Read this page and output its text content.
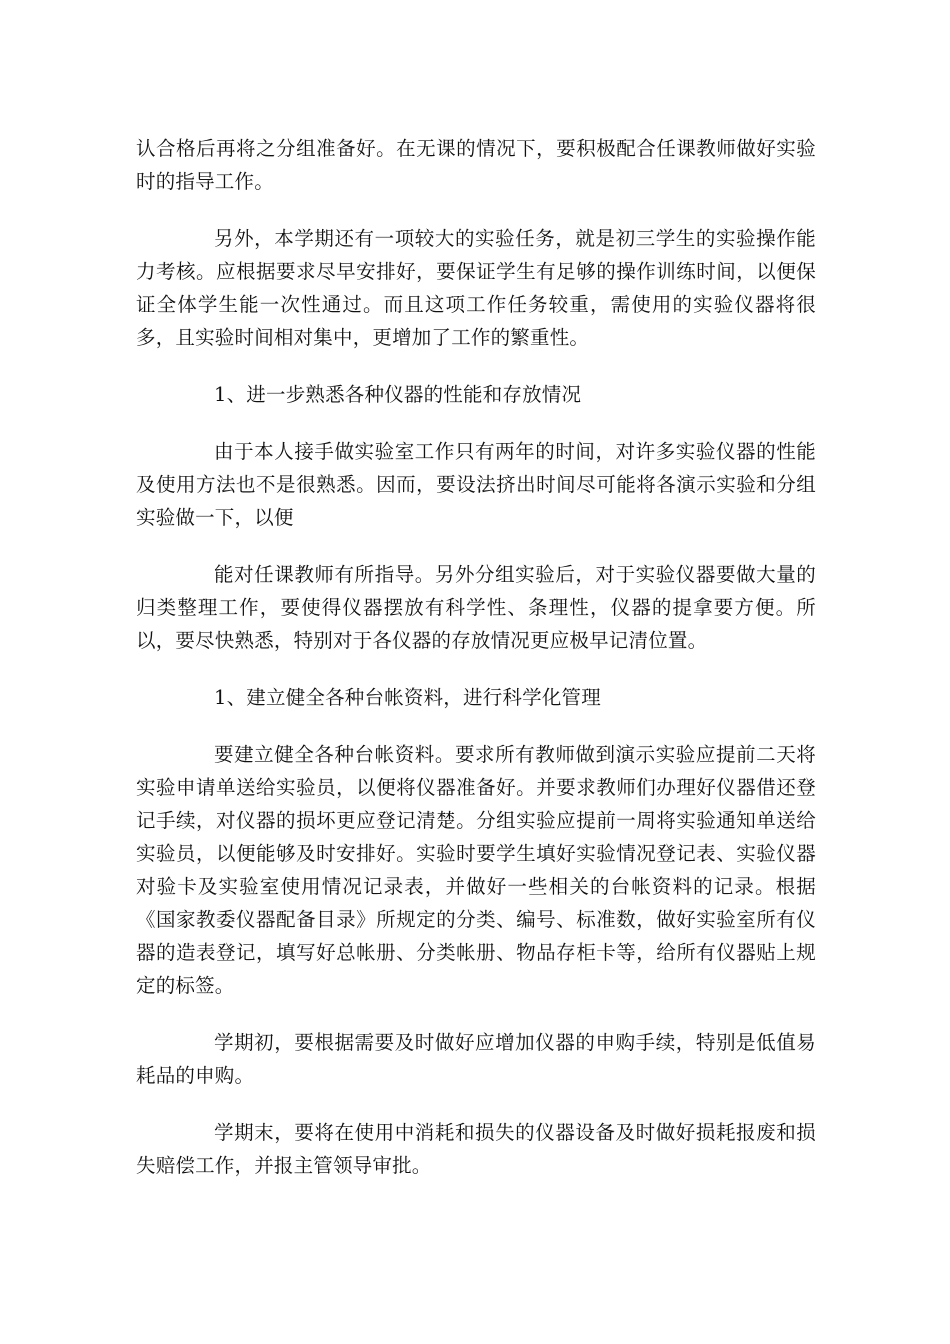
认合格后再将之分组准备好。在无课的情况下，要积极配合任课教师做好实验时的指导工作。

另外，本学期还有一项较大的实验任务，就是初三学生的实验操作能力考核。应根据要求尽早安排好，要保证学生有足够的操作训练时间，以便保证全体学生能一次性通过。而且这项工作任务较重，需使用的实验仪器将很多，且实验时间相对集中，更增加了工作的繁重性。

1、进一步熟悉各种仪器的性能和存放情况

由于本人接手做实验室工作只有两年的时间，对许多实验仪器的性能及使用方法也不是很熟悉。因而，要设法挤出时间尽可能将各演示实验和分组实验做一下，以便

能对任课教师有所指导。另外分组实验后，对于实验仪器要做大量的归类整理工作，要使得仪器摆放有科学性、条理性，仪器的提拿要方便。所以，要尽快熟悉，特别对于各仪器的存放情况更应极早记清位置。

1、建立健全各种台帐资料，进行科学化管理

要建立健全各种台帐资料。要求所有教师做到演示实验应提前二天将实验申请单送给实验员，以便将仪器准备好。并要求教师们办理好仪器借还登记手续，对仪器的损坏更应登记清楚。分组实验应提前一周将实验通知单送给实验员，以便能够及时安排好。实验时要学生填好实验情况登记表、实验仪器对验卡及实验室使用情况记录表，并做好一些相关的台帐资料的记录。根据《国家教委仪器配备目录》所规定的分类、编号、标准数，做好实验室所有仪器的造表登记，填写好总帐册、分类帐册、物品存柜卡等，给所有仪器贴上规定的标签。

学期初，要根据需要及时做好应增加仪器的申购手续，特别是低值易耗品的申购。

学期末，要将在使用中消耗和损失的仪器设备及时做好损耗报废和损失赔偿工作，并报主管领导审批。
